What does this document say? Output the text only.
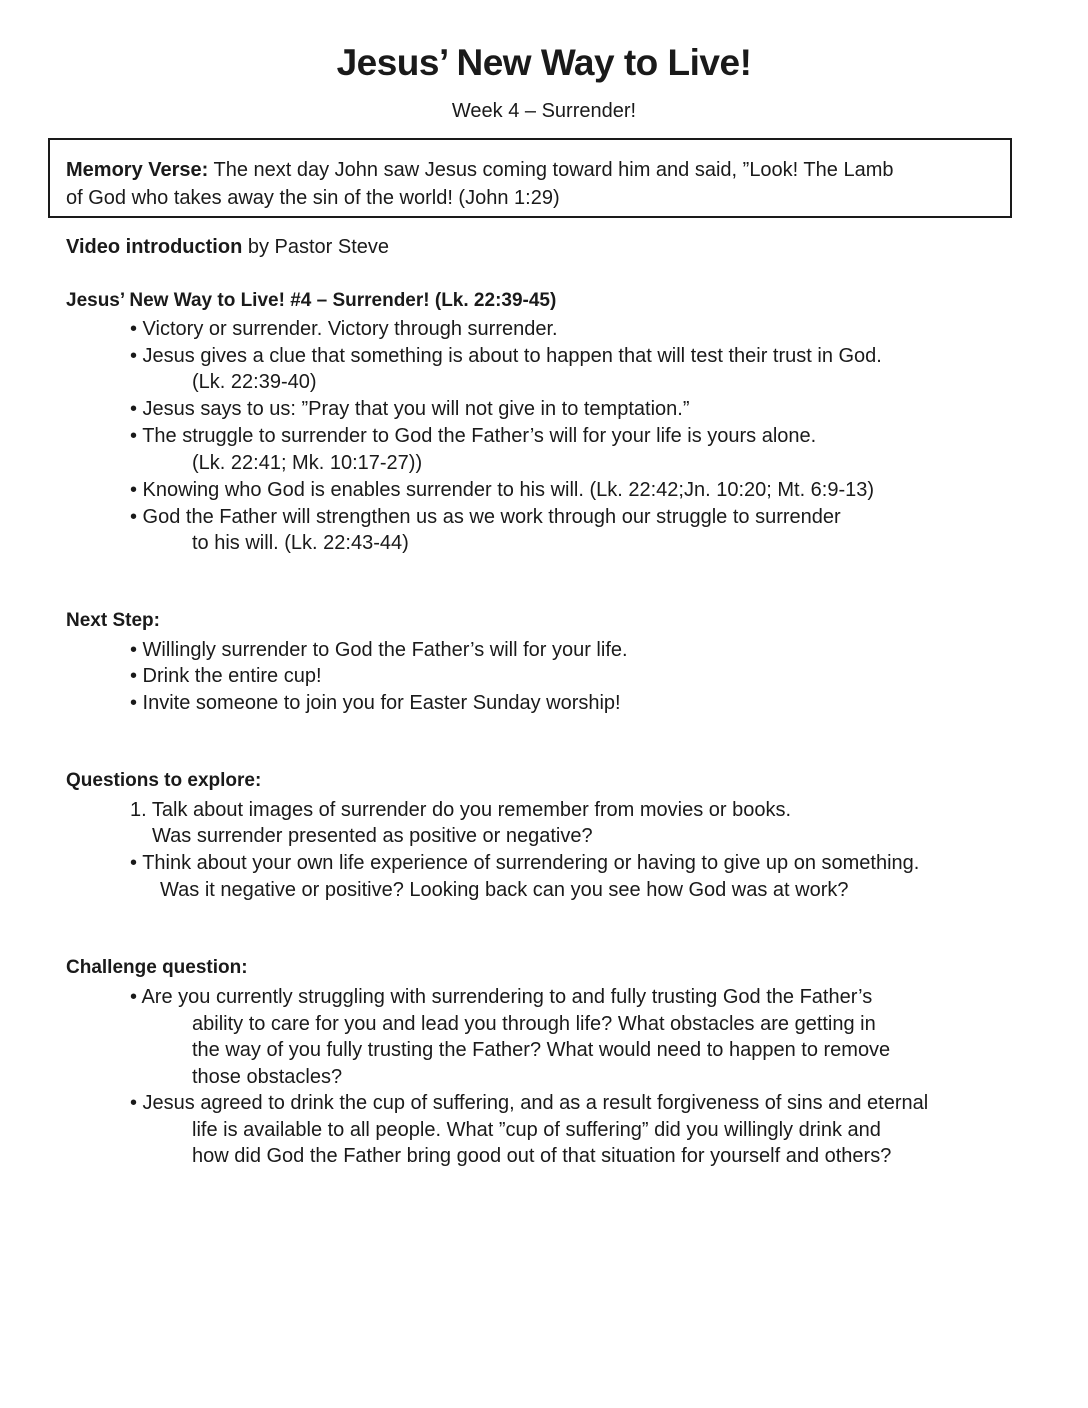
Jesus’ New Way to Live!
Week 4 – Surrender!
Memory Verse: The next day John saw Jesus coming toward him and said, ”Look! The Lamb
of God who takes away the sin of the world! (John 1:29)
Video introduction by Pastor Steve
Jesus’ New Way to Live! #4 – Surrender! (Lk. 22:39-45)
• Victory or surrender. Victory through surrender.
• Jesus gives a clue that something is about to happen that will test their trust in God.
(Lk. 22:39-40)
• Jesus says to us: ”Pray that you will not give in to temptation.”
• The struggle to surrender to God the Father’s will for your life is yours alone.
(Lk. 22:41; Mk. 10:17-27))
• Knowing who God is enables surrender to his will. (Lk. 22:42;Jn. 10:20; Mt. 6:9-13)
• God the Father will strengthen us as we work through our struggle to surrender
to his will. (Lk. 22:43-44)
Next Step:
• Willingly surrender to God the Father’s will for your life.
• Drink the entire cup!
• Invite someone to join you for Easter Sunday worship!
Questions to explore:
1. Talk about images of surrender do you remember from movies or books.
Was surrender presented as positive or negative?
• Think about your own life experience of surrendering or having to give up on something.
Was it negative or positive? Looking back can you see how God was at work?
Challenge question:
• Are you currently struggling with surrendering to and fully trusting God the Father’s
ability to care for you and lead you through life? What obstacles are getting in
the way of you fully trusting the Father? What would need to happen to remove
those obstacles?
• Jesus agreed to drink the cup of suffering, and as a result forgiveness of sins and eternal
life is available to all people. What ”cup of suffering” did you willingly drink and
how did God the Father bring good out of that situation for yourself and others?
